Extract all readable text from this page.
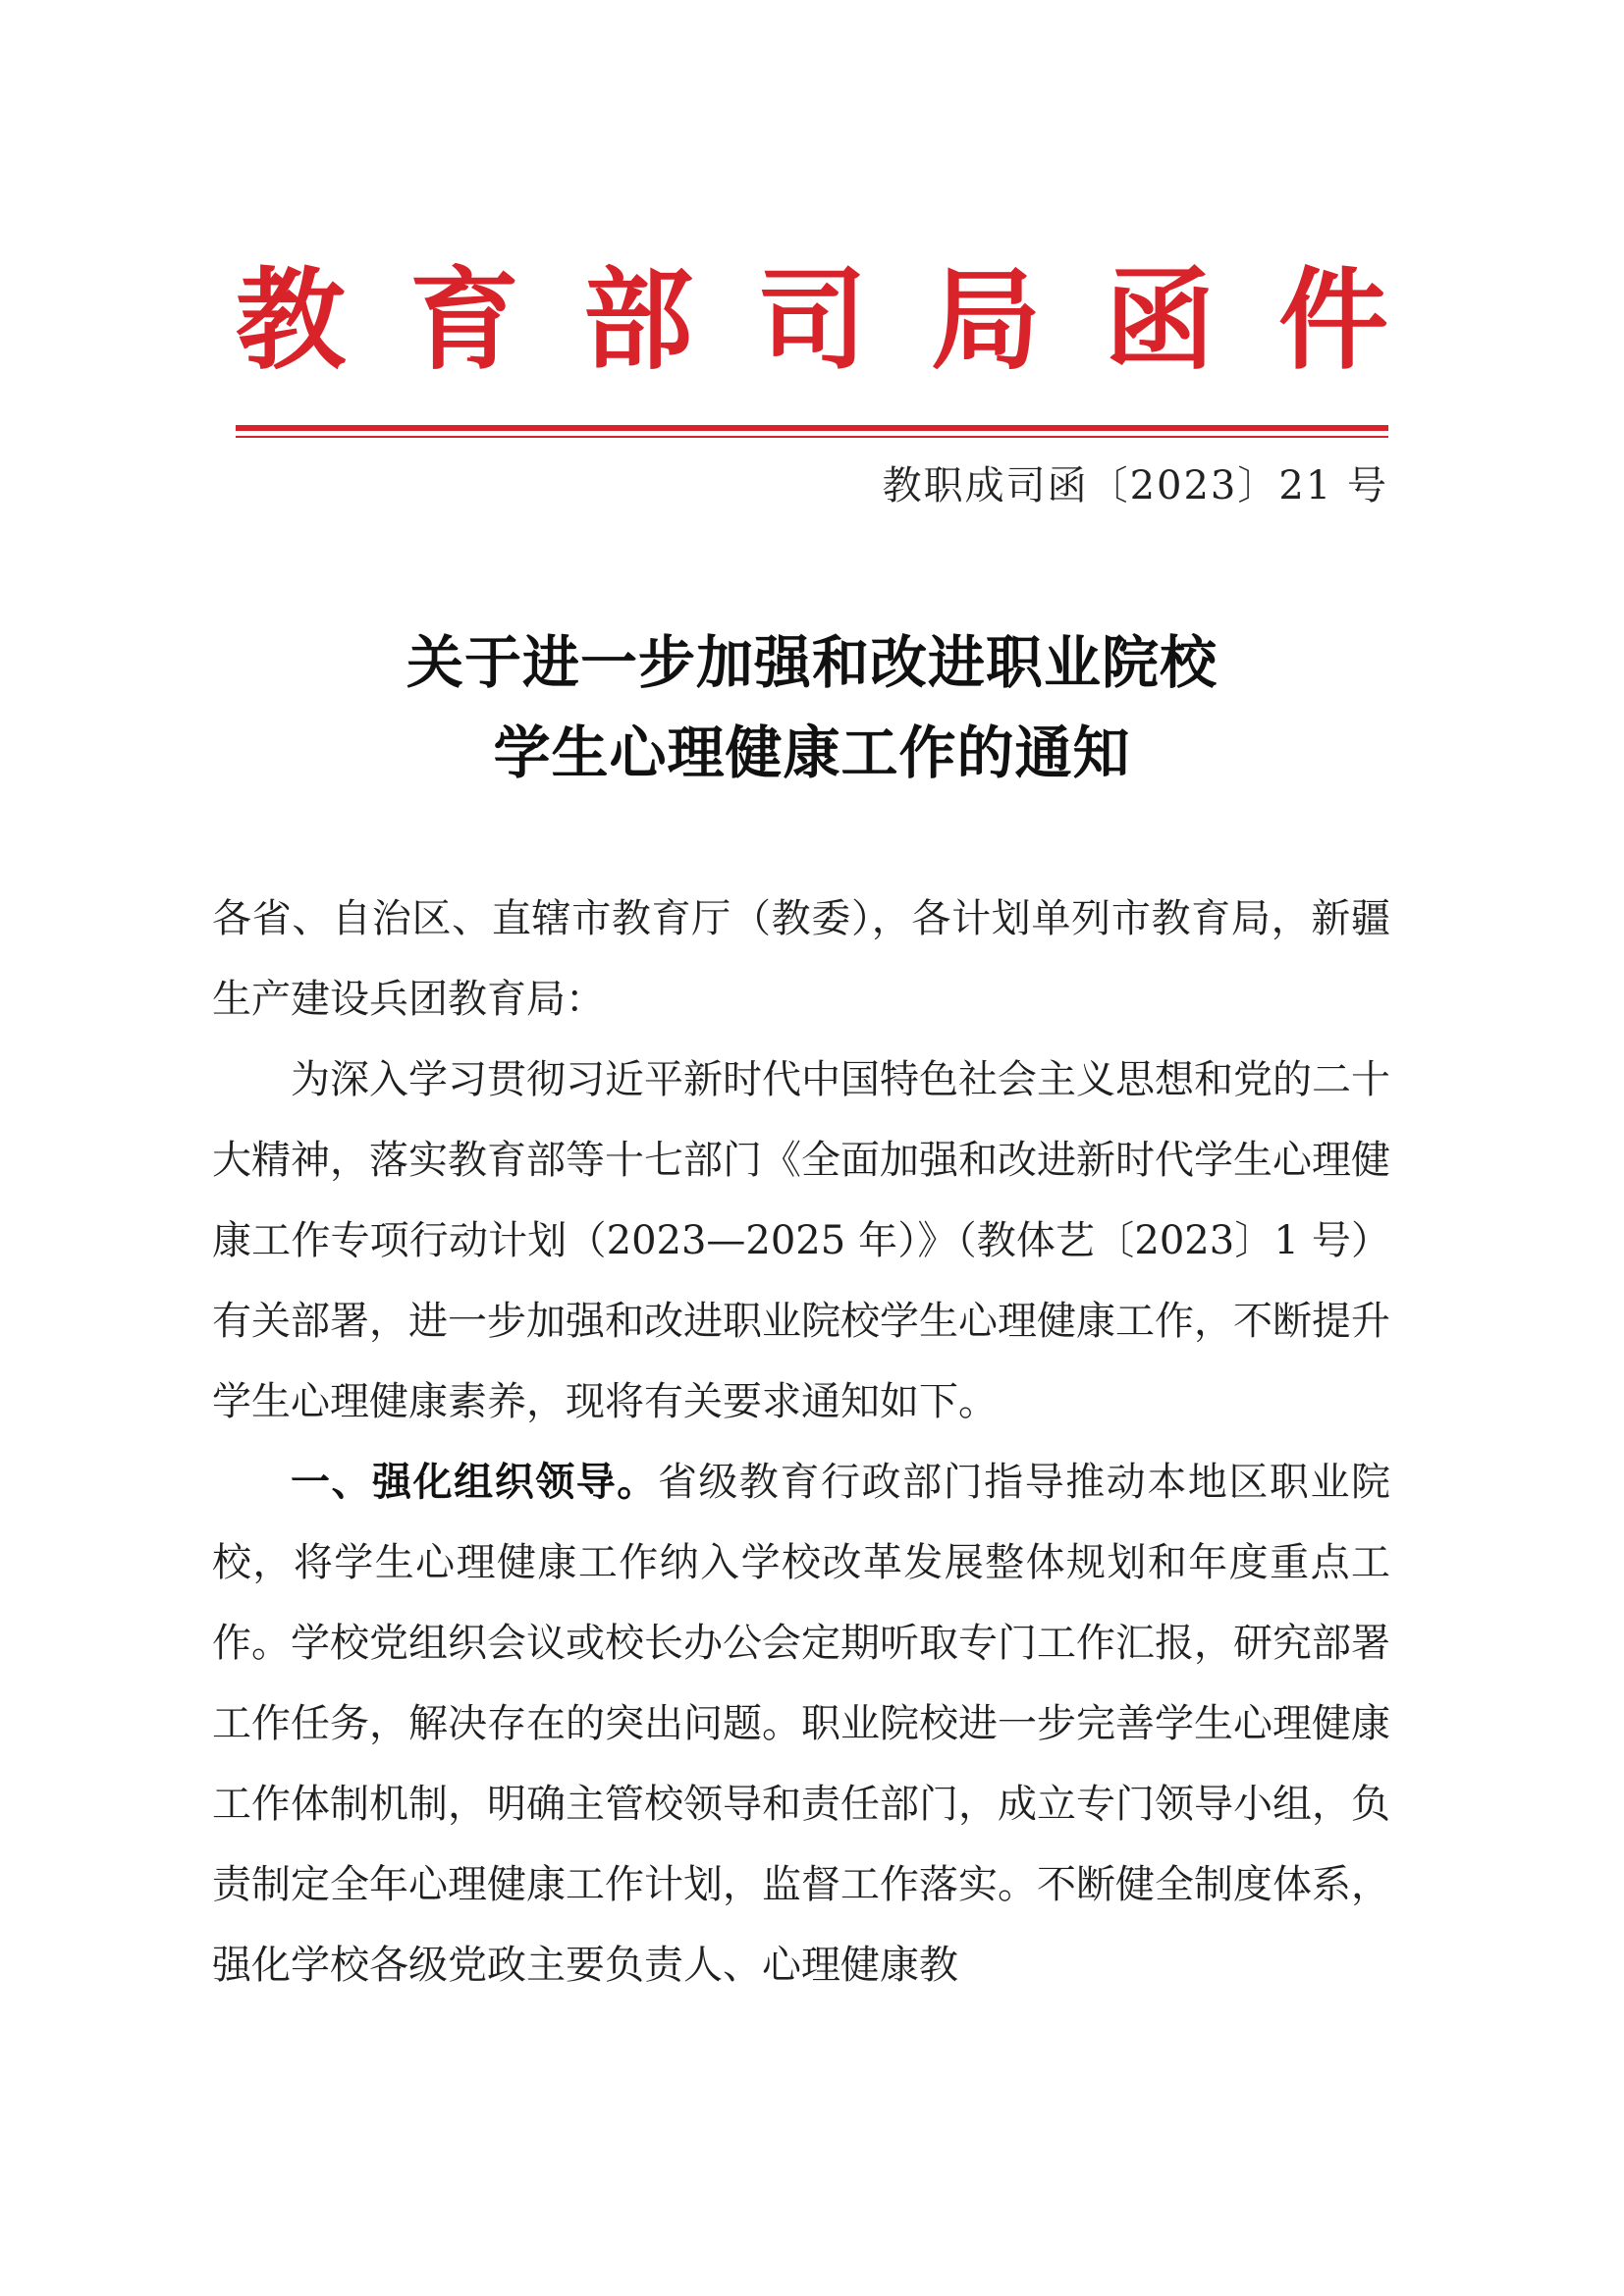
教 育 部 司 局 函 件
教职成司函〔2023〕21 号
关于进一步加强和改进职业院校
学生心理健康工作的通知

各省、自治区、直辖市教育厅（教委），各计划单列市教育局，新疆生产建设兵团教育局：

为深入学习贯彻习近平新时代中国特色社会主义思想和党的二十大精神，落实教育部等十七部门《全面加强和改进新时代学生心理健康工作专项行动计划（2023—2025 年）》（教体艺〔2023〕1 号）有关部署，进一步加强和改进职业院校学生心理健康工作，不断提升学生心理健康素养，现将有关要求通知如下。

一、强化组织领导。省级教育行政部门指导推动本地区职业院校，将学生心理健康工作纳入学校改革发展整体规划和年度重点工作。学校党组织会议或校长办公会定期听取专门工作汇报，研究部署工作任务，解决存在的突出问题。职业院校进一步完善学生心理健康工作体制机制，明确主管校领导和责任部门，成立专门领导小组，负责制定全年心理健康工作计划，监督工作落实。不断健全制度体系，强化学校各级党政主要负责人、心理健康教
